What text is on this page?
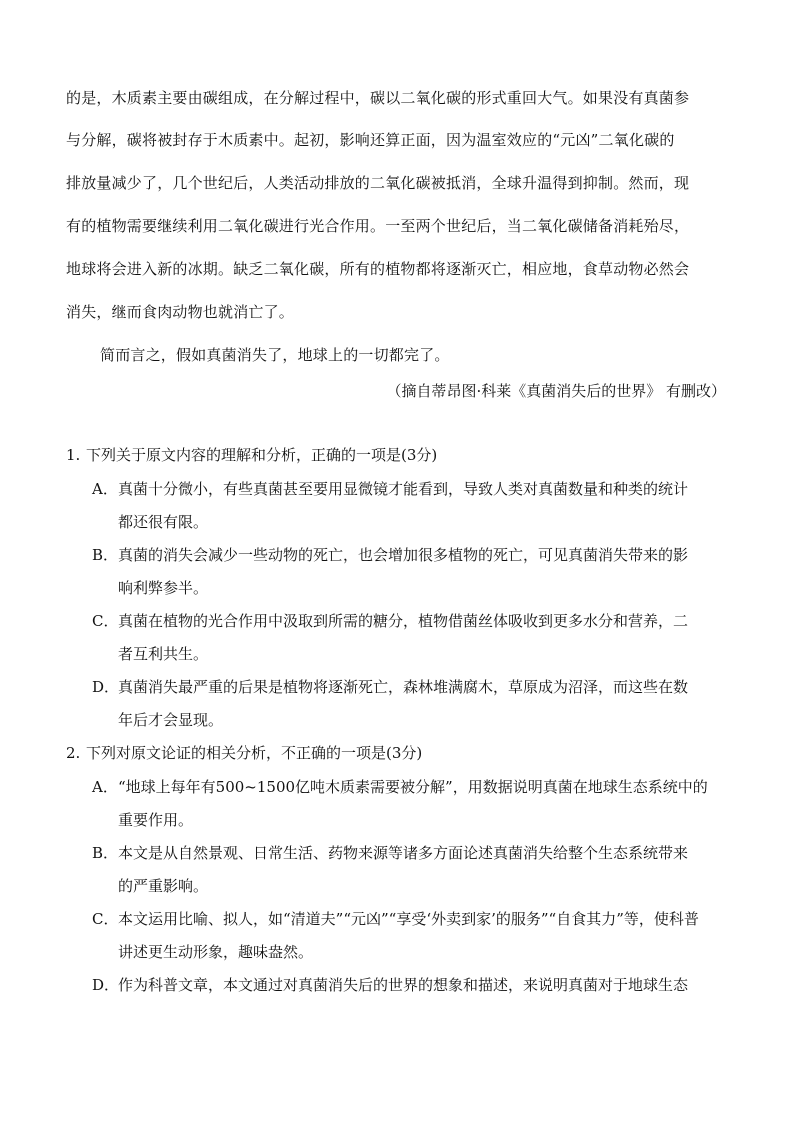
的是，木质素主要由碳组成，在分解过程中，碳以二氧化碳的形式重回大气。如果没有真菌参
与分解，碳将被封存于木质素中。起初，影响还算正面，因为温室效应的“元凶”二氧化碳的
排放量减少了，几个世纪后，人类活动排放的二氧化碳被抵消，全球升温得到抑制。然而，现
有的植物需要继续利用二氧化碳进行光合作用。一至两个世纪后，当二氧化碳储备消耗殆尽，
地球将会进入新的冰期。缺乏二氧化碳，所有的植物都将逐渐灭亡，相应地，食草动物必然会
消失，继而食肉动物也就消亡了。
简而言之，假如真菌消失了，地球上的一切都完了。
（摘自蒂昂图·科莱《真菌消失后的世界》 有删改）
1. 下列关于原文内容的理解和分析，正确的一项是(3分)
A．真菌十分微小，有些真菌甚至要用显微镜才能看到，导致人类对真菌数量和种类的统计
都还很有限。
B．真菌的消失会减少一些动物的死亡，也会增加很多植物的死亡，可见真菌消失带来的影
响利弊参半。
C．真菌在植物的光合作用中汲取到所需的糖分，植物借菌丝体吸收到更多水分和营养，二
者互利共生。
D．真菌消失最严重的后果是植物将逐渐死亡，森林堆满腐木，草原成为沼泽，而这些在数
年后才会显现。
2. 下列对原文论证的相关分析，不正确的一项是(3分)
A．“地球上每年有500~1500亿吨木质素需要被分解”，用数据说明真菌在地球生态系统中的
重要作用。
B．本文是从自然景观、日常生活、药物来源等诸多方面论述真菌消失给整个生态系统带来
的严重影响。
C．本文运用比喻、拟人，如“清道夫”“元凶”“享受‘外卖到家’的服务”“自食其力”等，使科普
讲述更生动形象，趣味盎然。
D．作为科普文章，本文通过对真菌消失后的世界的想象和描述，来说明真菌对于地球生态
